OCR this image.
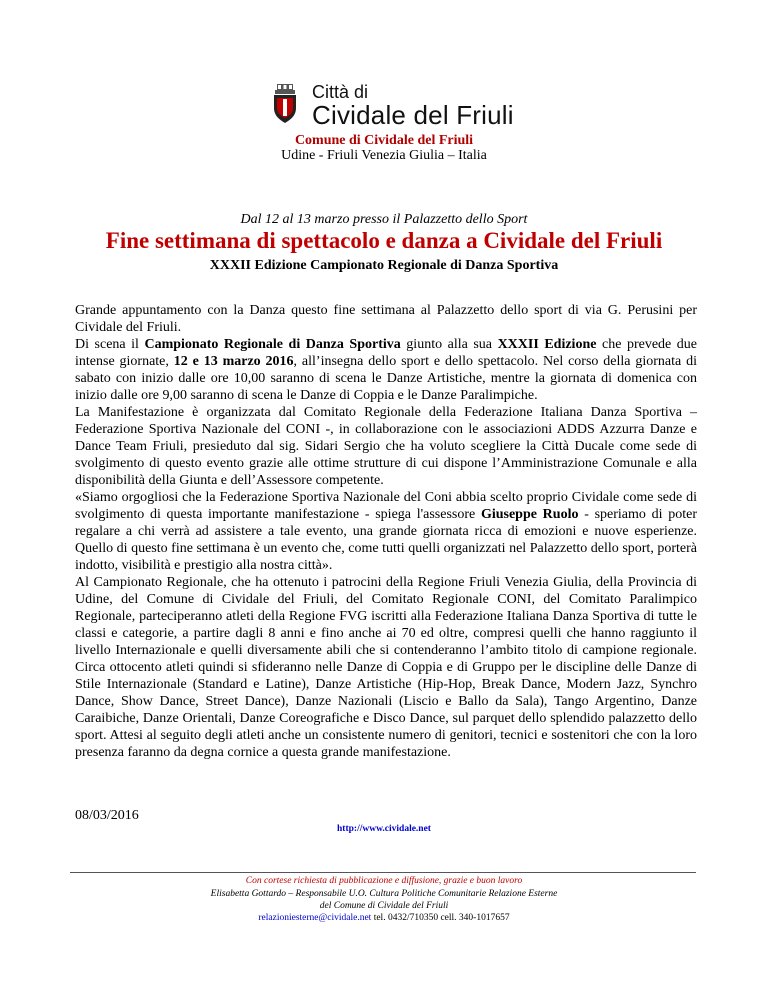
Città di
Cividale del Friuli
Comune di Cividale del Friuli
Udine - Friuli Venezia Giulia – Italia
Dal 12 al 13 marzo presso il Palazzetto dello Sport
Fine settimana di spettacolo e danza a Cividale del Friuli
XXXII Edizione Campionato Regionale di Danza Sportiva

Grande appuntamento con la Danza questo fine settimana al Palazzetto dello sport di via G. Perusini per Cividale del Friuli.

Di scena il Campionato Regionale di Danza Sportiva giunto alla sua XXXII Edizione che prevede due intense giornate, 12 e 13 marzo 2016, all’insegna dello sport e dello spettacolo. Nel corso della giornata di sabato con inizio dalle ore 10,00 saranno di scena le Danze Artistiche, mentre la giornata di domenica con inizio dalle ore 9,00 saranno di scena le Danze di Coppia e le Danze Paralimpiche.

La Manifestazione è organizzata dal Comitato Regionale della Federazione Italiana Danza Sportiva – Federazione Sportiva Nazionale del CONI -, in collaborazione con le associazioni ADDS Azzurra Danze e Dance Team Friuli, presieduto dal sig. Sidari Sergio che ha voluto scegliere la Città Ducale come sede di svolgimento di questo evento grazie alle ottime strutture di cui dispone l’Amministrazione Comunale e alla disponibilità della Giunta e dell’Assessore competente.

«Siamo orgogliosi che la Federazione Sportiva Nazionale del Coni abbia scelto proprio Cividale come sede di svolgimento di questa importante manifestazione - spiega l'assessore Giuseppe Ruolo - speriamo di poter regalare a chi verrà ad assistere a tale evento, una grande giornata ricca di emozioni e nuove esperienze. Quello di questo fine settimana è un evento che, come tutti quelli organizzati nel Palazzetto dello sport, porterà indotto, visibilità e prestigio alla nostra città».

Al Campionato Regionale, che ha ottenuto i patrocini della Regione Friuli Venezia Giulia, della Provincia di Udine, del Comune di Cividale del Friuli, del Comitato Regionale CONI, del Comitato Paralimpico Regionale, parteciperanno atleti della Regione FVG iscritti alla Federazione Italiana Danza Sportiva di tutte le classi e categorie, a partire dagli 8 anni e fino anche ai 70 ed oltre, compresi quelli che hanno raggiunto il livello Internazionale e quelli diversamente abili che si contenderanno l’ambito titolo di campione regionale. Circa ottocento atleti quindi si sfideranno nelle Danze di Coppia e di Gruppo per le discipline delle Danze di Stile Internazionale (Standard e Latine), Danze Artistiche (Hip-Hop, Break Dance, Modern Jazz, Synchro Dance, Show Dance, Street Dance), Danze Nazionali (Liscio e Ballo da Sala), Tango Argentino, Danze Caraibiche, Danze Orientali, Danze Coreografiche e Disco Dance, sul parquet dello splendido palazzetto dello sport. Attesi al seguito degli atleti anche un consistente numero di genitori, tecnici e sostenitori che con la loro presenza faranno da degna cornice a questa grande manifestazione.

08/03/2016
http://www.cividale.net
Con cortese richiesta di pubblicazione e diffusione, grazie e buon lavoro
Elisabetta Gottardo – Responsabile U.O. Cultura Politiche Comunitarie Relazione Esterne
del Comune di Cividale del Friuli
relazioniesterne@cividale.net tel. 0432/710350 cell. 340-1017657
